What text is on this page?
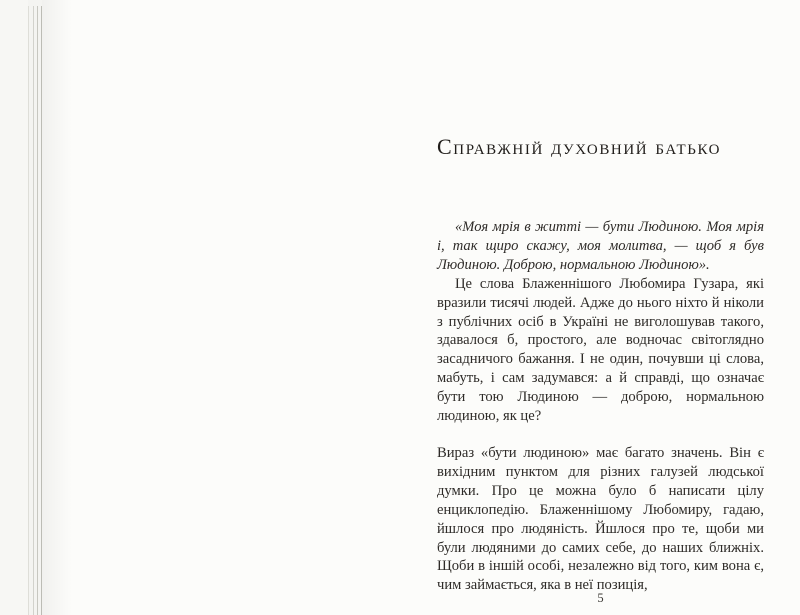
Справжній духовний батько

«Моя мрія в житті — бути Людиною. Моя мрія і, так щиро скажу, моя молитва, — щоб я був Людиною. Доброю, нормальною Людиною».

Це слова Блаженнішого Любомира Гузара, які вразили тисячі людей. Адже до нього ніхто й ніколи з публічних осіб в Україні не виголошував такого, здавалося б, простого, але водночас світоглядно засадничого бажання. І не один, почувши ці слова, мабуть, і сам задумався: а й справді, що означає бути тою Людиною — доброю, нормальною людиною, як це?

Вираз «бути людиною» має багато значень. Він є вихідним пунктом для різних галузей людської думки. Про це можна було б написати цілу енциклопедію. Блаженнішому Любомиру, гадаю, йшлося про людяність. Йшлося про те, щоби ми були людяними до самих себе, до наших ближніх. Щоби в іншій особі, незалежно від того, ким вона є, чим займається, яка в неї позиція,

5
